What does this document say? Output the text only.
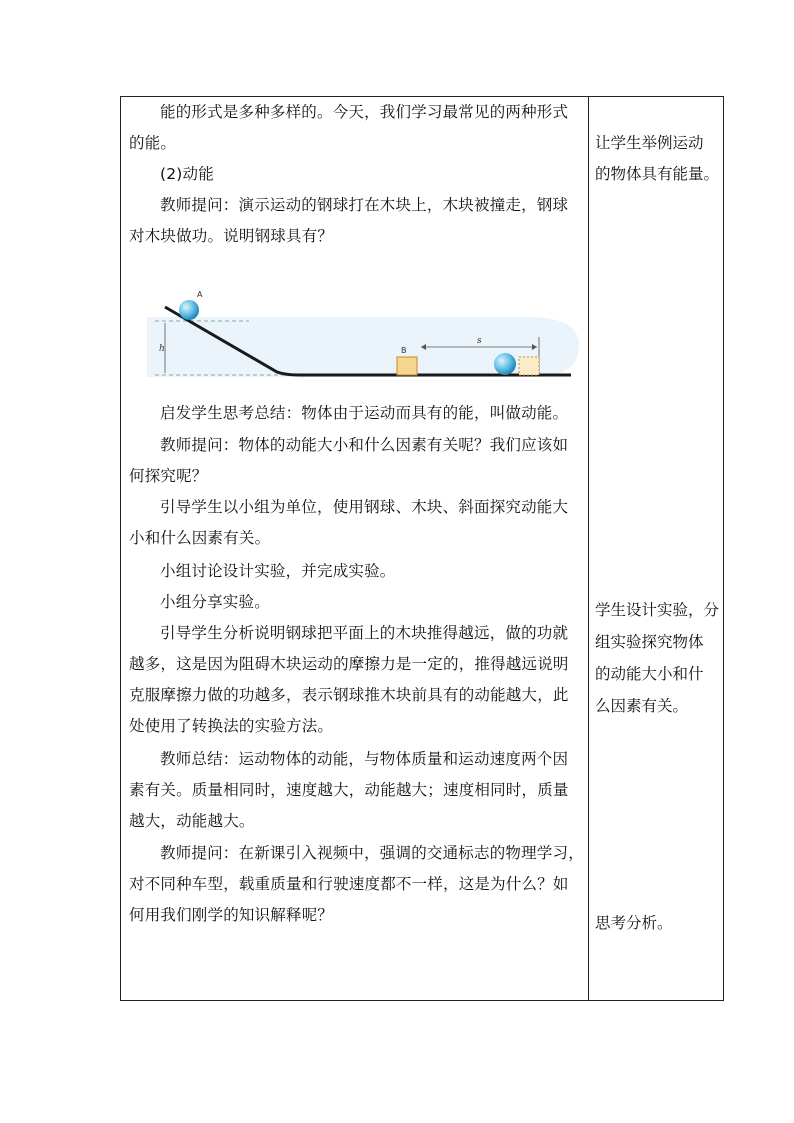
能的形式是多种多样的。今天，我们学习最常见的两种形式
的能。
(2)动能
教师提问：演示运动的钢球打在木块上，木块被撞走，钢球
对木块做功。说明钢球具有？
h
A
B
s
启发学生思考总结：物体由于运动而具有的能，叫做动能。
教师提问：物体的动能大小和什么因素有关呢？我们应该如
何探究呢？
引导学生以小组为单位，使用钢球、木块、斜面探究动能大
小和什么因素有关。
小组讨论设计实验，并完成实验。
小组分享实验。
引导学生分析说明钢球把平面上的木块推得越远，做的功就
越多，这是因为阻碍木块运动的摩擦力是一定的，推得越远说明
克服摩擦力做的功越多，表示钢球推木块前具有的动能越大，此
处使用了转换法的实验方法。
教师总结：运动物体的动能，与物体质量和运动速度两个因
素有关。质量相同时，速度越大，动能越大；速度相同时，质量
越大，动能越大。
教师提问：在新课引入视频中，强调的交通标志的物理学习，
对不同种车型，载重质量和行驶速度都不一样，这是为什么？如
何用我们刚学的知识解释呢？
让学生举例运动
的物体具有能量。
学生设计实验，分
组实验探究物体
的动能大小和什
么因素有关。
思考分析。
